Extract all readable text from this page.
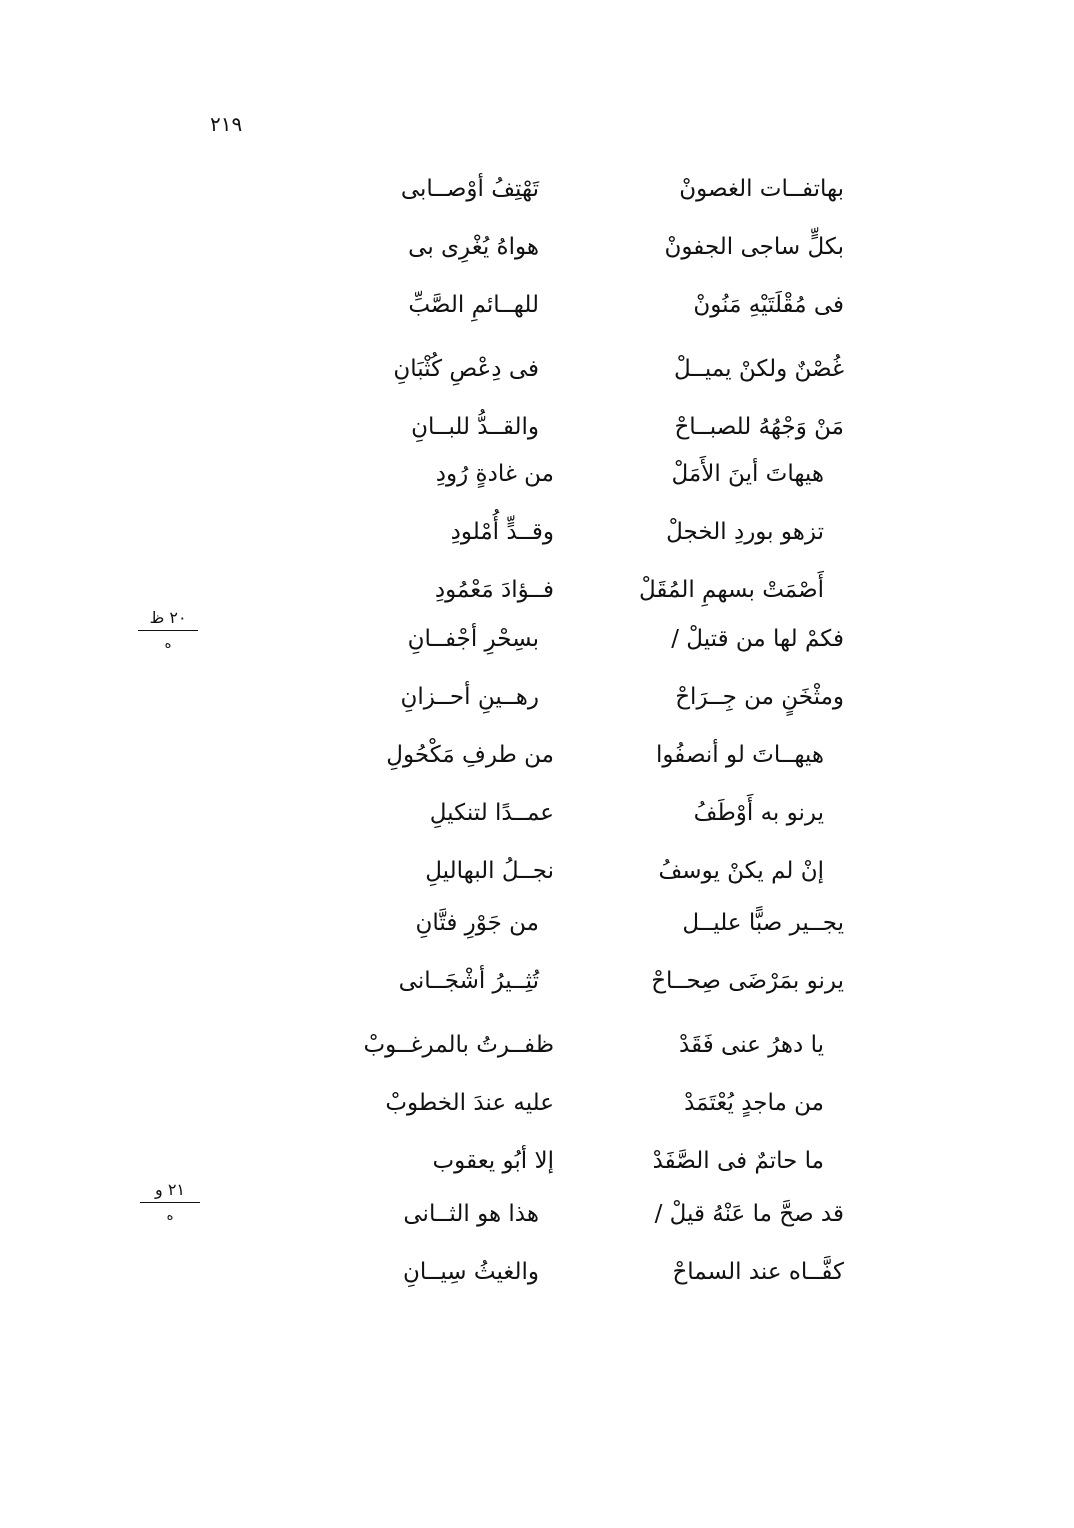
٢١٩
بهاتفــات الغصونْ
تَهْتِفُ أوْصــابى
بكلٍّ ساجى الجفونْ
هواهُ يُغْرِى بى
فى مُقْلَتَيْهِ مَنُونْ
للهــائمِ الصَّبِّ
غُصْنٌ ولكنْ يميــلْ
فى دِعْصِ كُثْبَانِ
مَنْ وَجْهُهُ للصبــاحْ
والقــدُّ للبــانِ
هيهاتَ أينَ الأَمَلْ
من غادةٍ رُودِ
تزهو بوردِ الخجلْ
وقــدٍّ أُمْلودِ
أَصْمَتْ بسهمِ المُقَلْ
فــؤادَ مَعْمُودِ
فكمْ لها من قتيلْ /
بسِحْرِ أجْفــانِ
ومثْخَنٍ من جِــرَاحْ
رهــينِ أحــزانِ
هيهــاتَ لو أنصفُوا
من طرفِ مَكْحُولِ
يرنو به أَوْطَفُ
عمــدًا لتنكيلِ
إنْ لم يكنْ يوسفُ
نجــلُ البهاليلِ
يجــير صبًّا عليــل
من جَوْرِ فتَّانِ
يرنو بمَرْضَى صِحــاحْ
تُثِــيرُ أشْجَــانى
يا دهرُ عنى فَقَدْ
ظفــرتُ بالمرغــوبْ
من ماجدٍ يُعْتَمَدْ
عليه عندَ الخطوبْ
ما حاتمٌ فى الصَّفَدْ
إلا أبُو يعقوب
قد صحَّ ما عَنْهُ قيلْ /
هذا هو الثــانى
كفَّــاه عند السماحْ
والغيثُ سِيــانِ
٢٠ ظ
ه
٢١ و
ه
